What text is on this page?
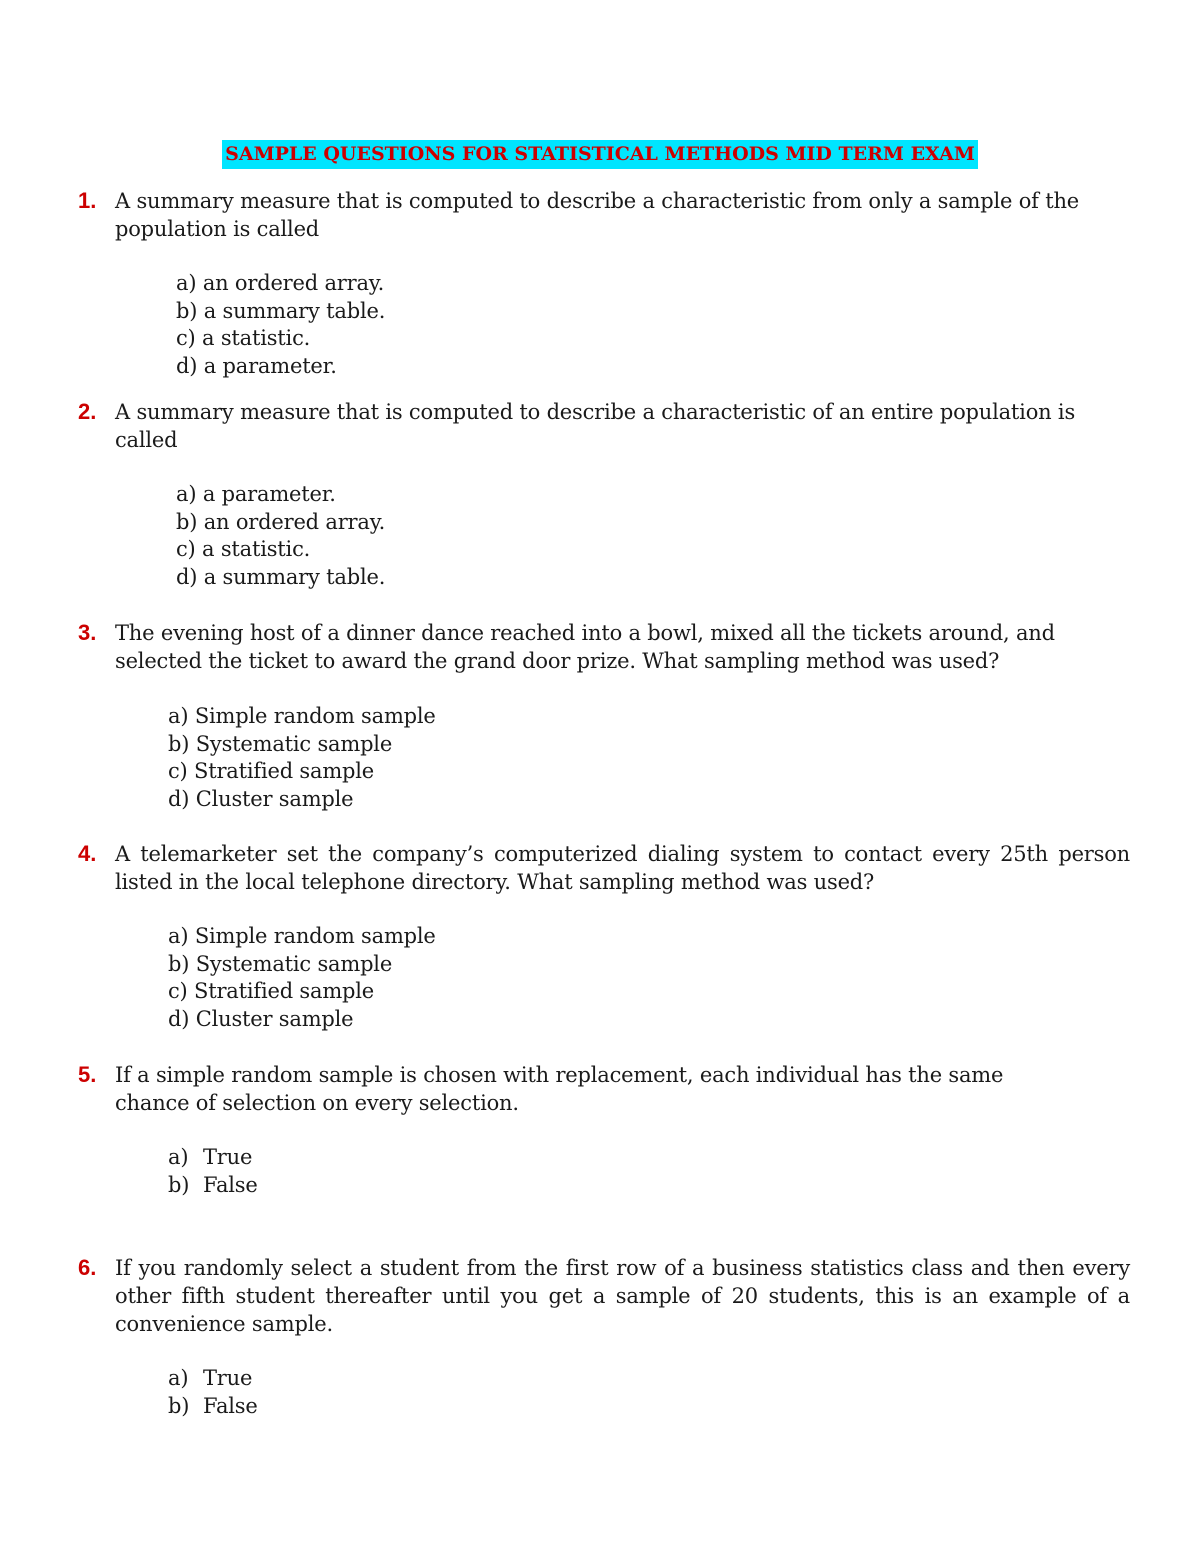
SAMPLE QUESTIONS FOR STATISTICAL METHODS MID TERM EXAM
1. A summary measure that is computed to describe a characteristic from only a sample of the population is called
a) an ordered array.
b) a summary table.
c) a statistic.
d) a parameter.
2. A summary measure that is computed to describe a characteristic of an entire population is called
a) a parameter.
b) an ordered array.
c) a statistic.
d) a summary table.
3. The evening host of a dinner dance reached into a bowl, mixed all the tickets around, and selected the ticket to award the grand door prize. What sampling method was used?
a) Simple random sample
b) Systematic sample
c) Stratified sample
d) Cluster sample
4. A telemarketer set the company’s computerized dialing system to contact every 25th person listed in the local telephone directory. What sampling method was used?
a) Simple random sample
b) Systematic sample
c) Stratified sample
d) Cluster sample
5. If a simple random sample is chosen with replacement, each individual has the same chance of selection on every selection.
a) True
b) False
6. If you randomly select a student from the first row of a business statistics class and then every other fifth student thereafter until you get a sample of 20 students, this is an example of a convenience sample.
a) True
b) False
